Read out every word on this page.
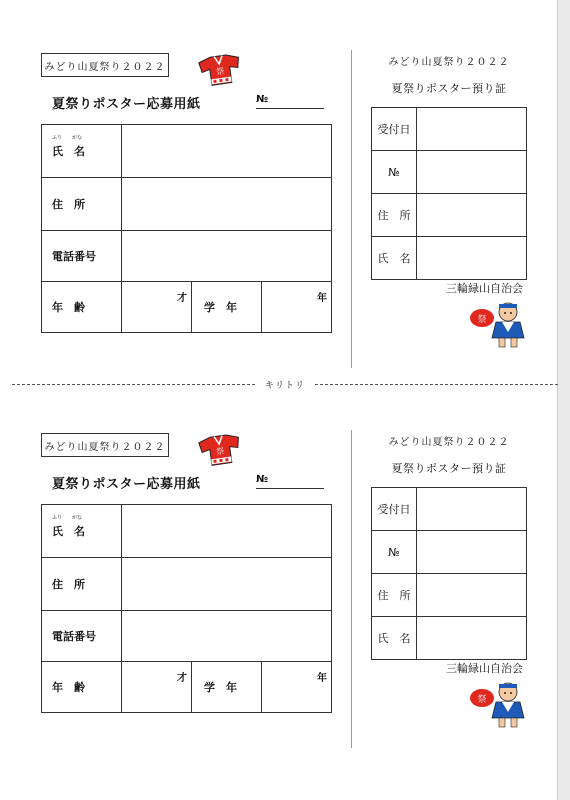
みどり山夏祭り２０２２	祭
夏祭りポスター応募用紙	№
ふり　　がな
氏　名			
住　所			
電話番号			
年　齢	才	学　年	年
みどり山夏祭り２０２２
夏祭りポスター預り証
受付日	
№	
住　所	
氏　名	
三輪緑山自治会
祭
キリトリ
みどり山夏祭り２０２２	祭
夏祭りポスター応募用紙	№
ふり　　がな
氏　名			
住　所			
電話番号			
年　齢	才	学　年	年
みどり山夏祭り２０２２
夏祭りポスター預り証
受付日	
№	
住　所	
氏　名	
三輪緑山自治会
祭
